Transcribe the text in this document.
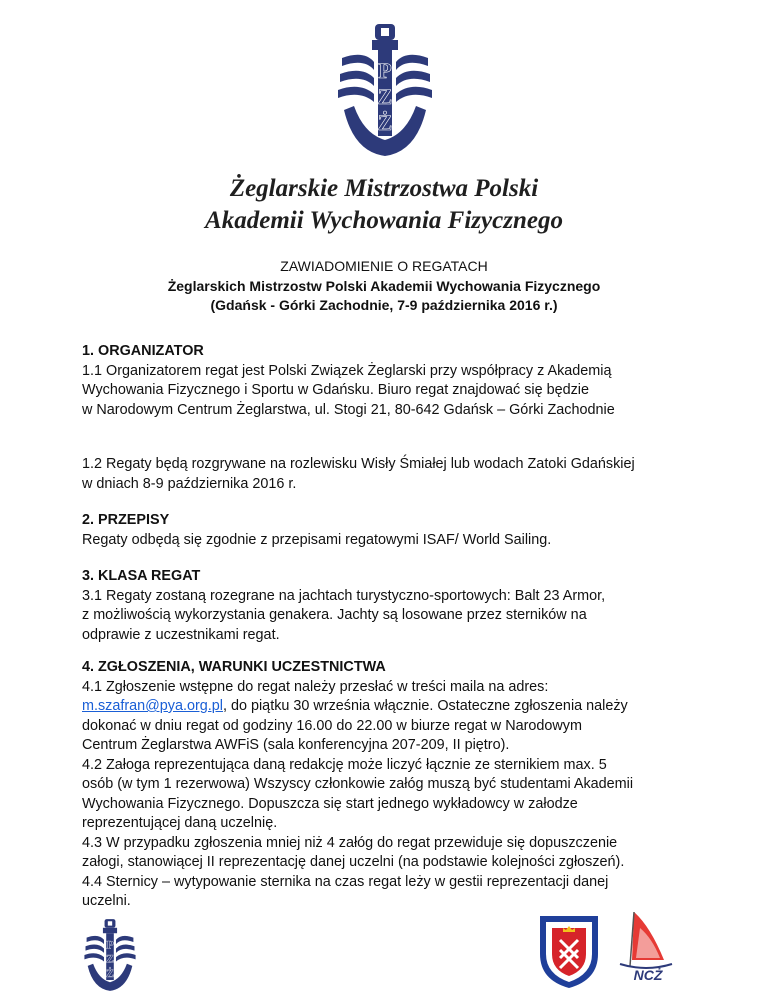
P
Z
Ż
Żeglarskie Mistrzostwa Polski
Akademii Wychowania Fizycznego
ZAWIADOMIENIE O REGATACH
Żeglarskich Mistrzostw Polski Akademii Wychowania Fizycznego
(Gdańsk - Górki Zachodnie, 7-9 października 2016 r.)

1. ORGANIZATOR

1.1 Organizatorem regat jest Polski Związek Żeglarski przy współpracy z Akademią

Wychowania Fizycznego i Sportu w Gdańsku. Biuro regat znajdować się będzie

w Narodowym Centrum Żeglarstwa, ul. Stogi 21, 80-642 Gdańsk – Górki Zachodnie

1.2 Regaty będą rozgrywane na rozlewisku Wisły Śmiałej lub wodach Zatoki Gdańskiej

w dniach 8-9 października 2016 r.

2. PRZEPISY

Regaty odbędą się zgodnie z przepisami regatowymi ISAF/ World Sailing.

3. KLASA REGAT

3.1 Regaty zostaną rozegrane na jachtach turystyczno-sportowych: Balt 23 Armor,

z możliwością wykorzystania genakera. Jachty są losowane przez sterników na

odprawie z uczestnikami regat.

4. ZGŁOSZENIA, WARUNKI UCZESTNICTWA

4.1 Zgłoszenie wstępne do regat należy przesłać w treści maila na adres:

m.szafran@pya.org.pl, do piątku 30 września włącznie. Ostateczne zgłoszenia należy

dokonać w dniu regat od godziny 16.00 do 22.00 w biurze regat w Narodowym

Centrum Żeglarstwa AWFiS (sala konferencyjna 207-209, II piętro).

4.2 Załoga reprezentująca daną redakcję może liczyć łącznie ze sternikiem max. 5

osób (w tym 1 rezerwowa) Wszyscy członkowie załóg muszą być studentami Akademii

Wychowania Fizycznego. Dopuszcza się start jednego wykładowcy w załodze

reprezentującej daną uczelnię.

4.3 W przypadku zgłoszenia mniej niż 4 załóg do regat przewiduje się dopuszczenie

załogi, stanowiącej II reprezentację danej uczelni (na podstawie kolejności zgłoszeń).

4.4 Sternicy – wytypowanie sternika na czas regat leży w gestii reprezentacji danej

uczelni.

P
Z
Ż	NCŻ
